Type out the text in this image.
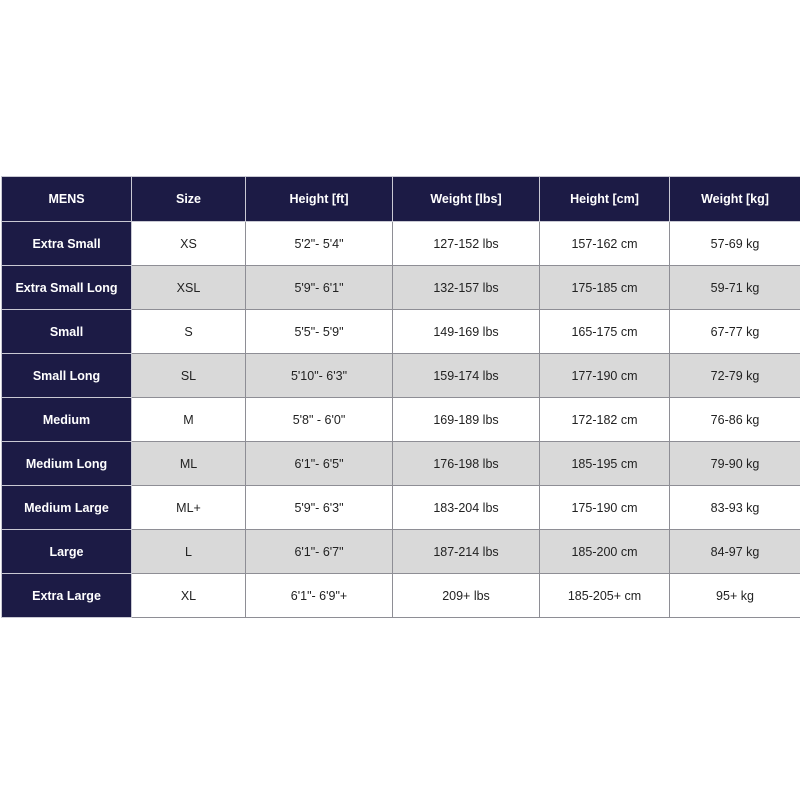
MENS	Size	Height [ft]	Weight [lbs]	Height [cm]	Weight [kg]
Extra Small	XS	5'2"- 5'4"	127-152 lbs	157-162 cm	57-69 kg
Extra Small Long	XSL	5'9"- 6'1"	132-157 lbs	175-185 cm	59-71 kg
Small	S	5'5"- 5'9"	149-169 lbs	165-175 cm	67-77 kg
Small Long	SL	5'10"- 6'3"	159-174 lbs	177-190 cm	72-79 kg
Medium	M	5'8" - 6'0"	169-189 lbs	172-182 cm	76-86 kg
Medium Long	ML	6'1"- 6'5"	176-198 lbs	185-195 cm	79-90 kg
Medium Large	ML+	5'9"- 6'3"	183-204 lbs	175-190 cm	83-93 kg
Large	L	6'1"- 6'7"	187-214 lbs	185-200 cm	84-97 kg
Extra Large	XL	6'1"- 6'9"+	209+ lbs	185-205+ cm	95+ kg
